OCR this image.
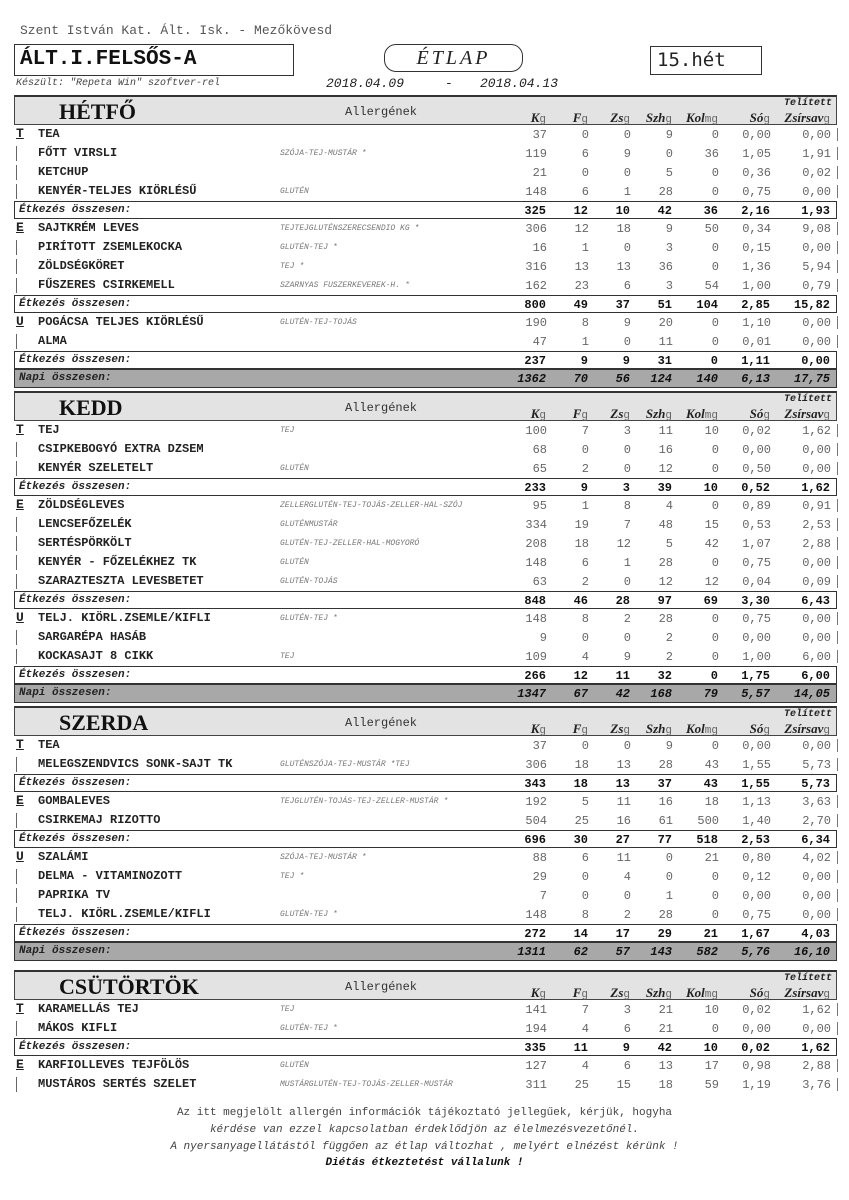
Szent István Kat. Ált. Isk. - Mezőkövesd
ÁLT.I.FELSŐS-A	ÉTLAP	15.hét
Készült: "Repeta Win" szoftver-rel	2018.04.09	- 2018.04.13
HÉTFŐ	Allergének
Telített
Kg	Fg	Zsg Szhg	Kolmg	Sóg	Zsírsavg
T TEA	37	0	0	9	0	0,00	0,00
FŐTT VIRSLI	SZÓJA-TEJ-MUSTÁR *	119	6	9	0	36	1,05	1,91
KETCHUP	21	0	0	5	0	0,36	0,02
KENYÉR-TELJES KIÖRLÉSŰ	GLUTÉN	148	6	1	28	0	0,75	0,00
Étkezés összesen:	325	12	10	42	36	2,16	1,93
E SAJTKRÉM LEVES	TEJTEJGLUTÉNSZERECSENDIO KG *	306	12	18	9	50	0,34	9,08
PIRÍTOTT ZSEMLEKOCKA	GLUTÉN-TEJ *	16	1	0	3	0	0,15	0,00
ZÖLDSÉGKÖRET	TEJ *	316	13	13	36	0	1,36	5,94
FŰSZERES CSIRKEMELL	SZARNYAS FUSZERKEVEREK-H. *	162	23	6	3	54	1,00	0,79
Étkezés összesen:	800	49	37	51	104	2,85	15,82
U POGÁCSA TELJES KIÖRLÉSŰ	GLUTÉN-TEJ-TOJÁS	190	8	9	20	0	1,10	0,00
ALMA	47	1	0	11	0	0,01	0,00
Étkezés összesen:	237	9	9	31	0	1,11	0,00
Napi összesen:	1362	70	56	124	140	6,13	17,75
KEDD	Allergének
Telített
Kg	Fg	Zsg Szhg	Kolmg	Sóg	Zsírsavg
T TEJ	TEJ	100	7	3	11	10	0,02	1,62
CSIPKEBOGYÓ EXTRA DZSEM	68	0	0	16	0	0,00	0,00
KENYÉR SZELETELT	GLUTÉN	65	2	0	12	0	0,50	0,00
Étkezés összesen:	233	9	3	39	10	0,52	1,62
E ZÖLDSÉGLEVES	ZELLERGLUTÉN-TEJ-TOJÁS-ZELLER-HAL-SZÓJ	95	1	8	4	0	0,89	0,91
LENCSEFŐZELÉK	GLUTÉNMUSTÁR	334	19	7	48	15	0,53	2,53
SERTÉSPÖRKÖLT	GLUTÉN-TEJ-ZELLER-HAL-MOGYORÓ	208	18	12	5	42	1,07	2,88
KENYÉR - FŐZELÉKHEZ TK	GLUTÉN	148	6	1	28	0	0,75	0,00
SZARAZTESZTA LEVESBETET	GLUTÉN-TOJÁS	63	2	0	12	12	0,04	0,09
Étkezés összesen:	848	46	28	97	69	3,30	6,43
U TELJ. KIÖRL.ZSEMLE/KIFLI	GLUTÉN-TEJ *	148	8	2	28	0	0,75	0,00
SARGARÉPA HASÁB	9	0	0	2	0	0,00	0,00
KOCKASAJT 8 CIKK	TEJ	109	4	9	2	0	1,00	6,00
Étkezés összesen:	266	12	11	32	0	1,75	6,00
Napi összesen:	1347	67	42	168	79	5,57	14,05
SZERDA	Allergének
Telített
Kg	Fg	Zsg Szhg	Kolmg	Sóg	Zsírsavg
T TEA	37	0	0	9	0	0,00	0,00
MELEGSZENDVICS SONK-SAJT TK	GLUTÉNSZÓJA-TEJ-MUSTÁR *TEJ	306	18	13	28	43	1,55	5,73
Étkezés összesen:	343	18	13	37	43	1,55	5,73
E GOMBALEVES	TEJGLUTÉN-TOJÁS-TEJ-ZELLER-MUSTÁR *	192	5	11	16	18	1,13	3,63
CSIRKEMAJ RIZOTTO	504	25	16	61	500	1,40	2,70
Étkezés összesen:	696	30	27	77	518	2,53	6,34
U SZALÁMI	SZÓJA-TEJ-MUSTÁR *	88	6	11	0	21	0,80	4,02
DELMA - VITAMINOZOTT	TEJ *	29	0	4	0	0	0,12	0,00
PAPRIKA TV	7	0	0	1	0	0,00	0,00
TELJ. KIÖRL.ZSEMLE/KIFLI	GLUTÉN-TEJ *	148	8	2	28	0	0,75	0,00
Étkezés összesen:	272	14	17	29	21	1,67	4,03
Napi összesen:	1311	62	57	143	582	5,76	16,10
CSÜTÖRTÖK	Allergének
Telített
Kg	Fg	Zsg Szhg	Kolmg	Sóg	Zsírsavg
T KARAMELLÁS TEJ	TEJ	141	7	3	21	10	0,02	1,62
MÁKOS KIFLI	GLUTÉN-TEJ *	194	4	6	21	0	0,00	0,00
Étkezés összesen:	335	11	9	42	10	0,02	1,62
E KARFIOLLEVES TEJFÖLÖS	GLUTÉN	127	4	6	13	17	0,98	2,88
MUSTÁROS SERTÉS SZELET	MUSTÁRGLUTÉN-TEJ-TOJÁS-ZELLER-MUSTÁR	311	25	15	18	59	1,19	3,76
Az itt megjelölt allergén információk tájékoztató jellegűek, kérjük, hogyha
kérdése van ezzel kapcsolatban érdeklődjön az élelmezésvezetőnél.
A nyersanyagellátástól függően az étlap változhat , melyért elnézést kérünk !
Diétás étkeztetést vállalunk !
